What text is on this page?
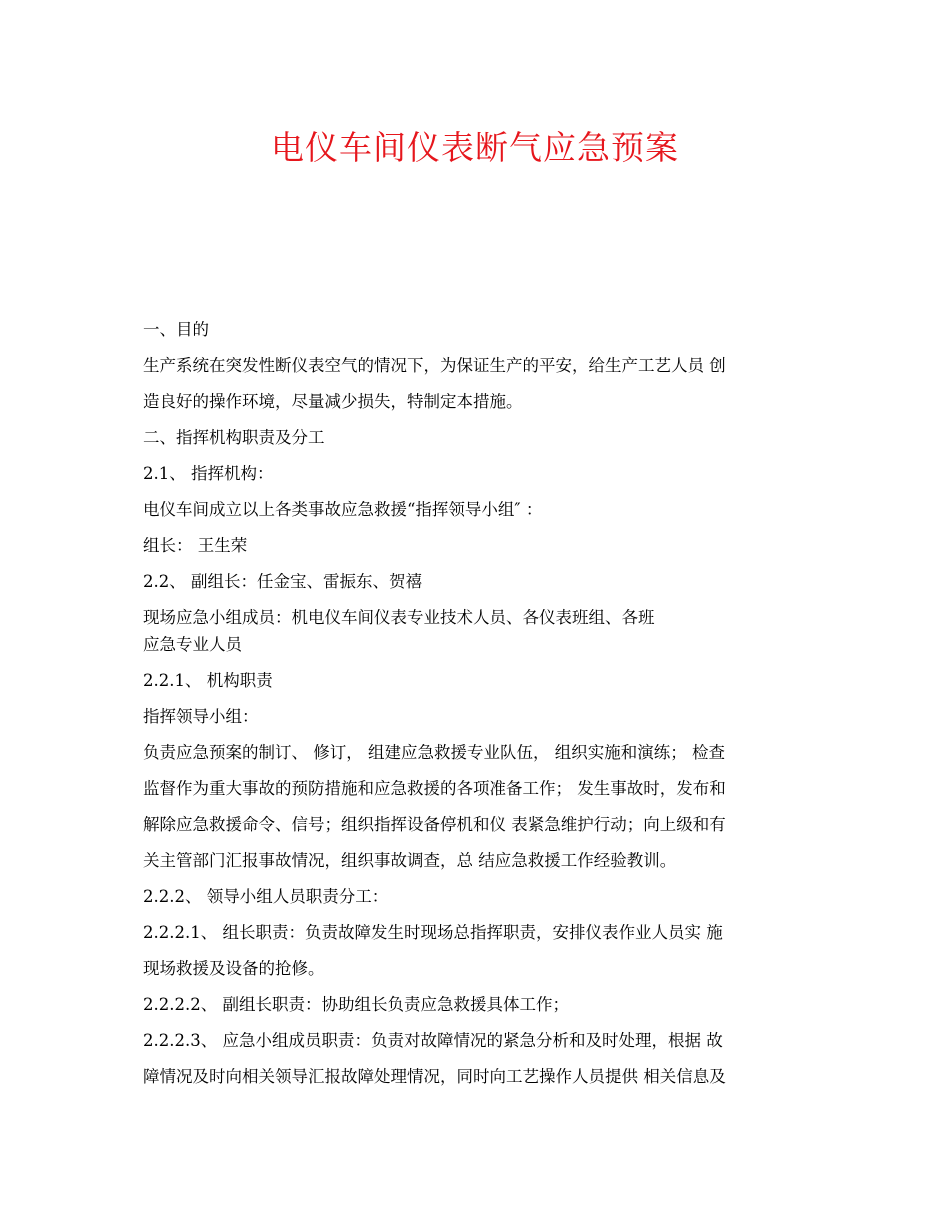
电仪车间仪表断气应急预案
一、目的
生产系统在突发性断仪表空气的情况下，为保证生产的平安，给生产工艺人员 创
造良好的操作环境，尽量减少损失，特制定本措施。
二、指挥机构职责及分工
2.1、 指挥机构：
电仪车间成立以上各类事故应急救援“指挥领导小组″ ：
组长： 王生荣
2.2、 副组长：任金宝、雷振东、贺禧
现场应急小组成员：机电仪车间仪表专业技术人员、各仪表班组、各班
应急专业人员
2.2.1、 机构职责
指挥领导小组：
负责应急预案的制订、 修订， 组建应急救援专业队伍， 组织实施和演练； 检查
监督作为重大事故的预防措施和应急救援的各项准备工作； 发生事故时，发布和
解除应急救援命令、信号；组织指挥设备停机和仪 表紧急维护行动；向上级和有
关主管部门汇报事故情况，组织事故调查，总 结应急救援工作经验教训。
2.2.2、 领导小组人员职责分工：
2.2.2.1、 组长职责：负责故障发生时现场总指挥职责，安排仪表作业人员实 施
现场救援及设备的抢修。
2.2.2.2、 副组长职责：协助组长负责应急救援具体工作；
2.2.2.3、 应急小组成员职责：负责对故障情况的紧急分析和及时处理，根据 故
障情况及时向相关领导汇报故障处理情况，同时向工艺操作人员提供 相关信息及
